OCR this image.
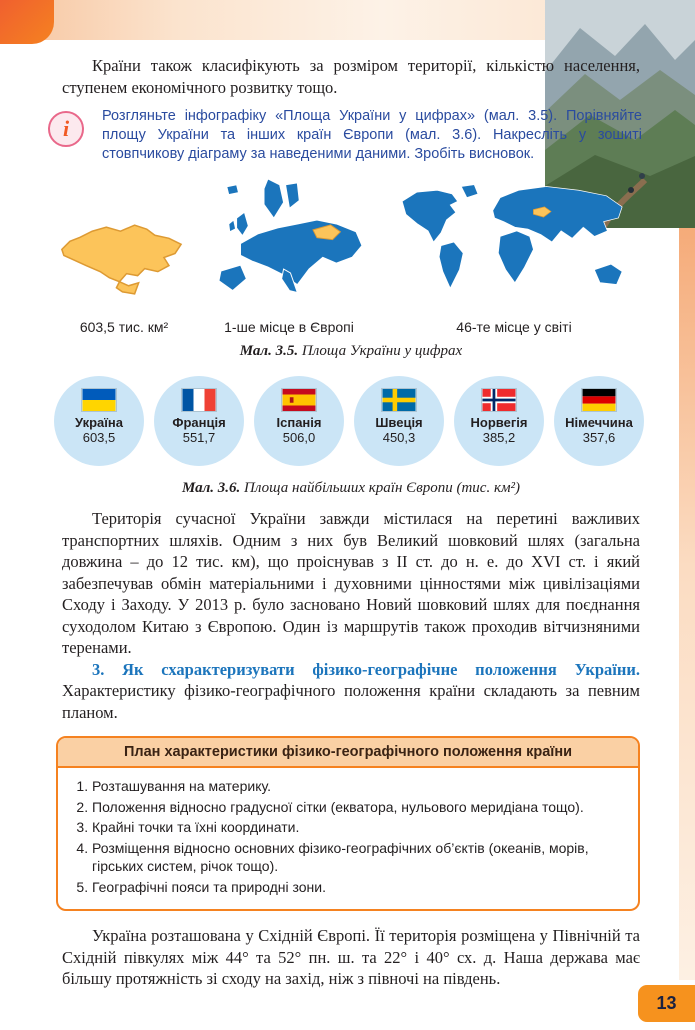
Країни також класифікують за розміром території, кількістю населення, ступенем економічного розвитку тощо.

i	Розгляньте інфографіку «Площа України у цифрах» (мал. 3.5). Порівняйте площу України та інших країн Європи (мал. 3.6). Накресліть у зошиті стовпчикову діаграму за наведеними даними. Зробіть висновок.

603,5 тис. км²	1-ше місце в Європі	46-те місце у світі
Мал. 3.5. Площа України у цифрах
Україна
603,5
Франція
551,7
Іспанія
506,0
Швеція
450,3
Норвегія
385,2
Німеччина
357,6
Мал. 3.6. Площа найбільших країн Європи (тис. км²)

Територія сучасної України завжди містилася на перетині важливих транспортних шляхів. Одним з них був Великий шовковий шлях (загальна довжина – до 12 тис. км), що проіснував з II ст. до н. е. до XVI ст. і який забезпечував обмін матеріальними і духовними цінностями між цивілізаціями Сходу і Заходу. У 2013 р. було засновано Новий шовковий шлях для поєднання суходолом Китаю з Європою. Один із маршрутів також проходив вітчизняними теренами.

3. Як схарактеризувати фізико-географічне положення України. Характеристику фізико-географічного положення країни складають за певним планом.

План характеристики фізико-географічного положення країни
1. Розташування на материку.
2. Положення відносно градусної сітки (екватора, нульового меридіана тощо).
3. Крайні точки та їхні координати.
4. Розміщення відносно основних фізико-географічних об’єктів (океанів, морів, гірських систем, річок тощо).
5. Географічні пояси та природні зони.

Україна розташована у Східній Європі. Її територія розміщена у Північній та Східній півкулях між 44° та 52° пн. ш. та 22° і 40° сх. д. Наша держава має більшу протяжність зі сходу на захід, ніж з півночі на південь.

13
